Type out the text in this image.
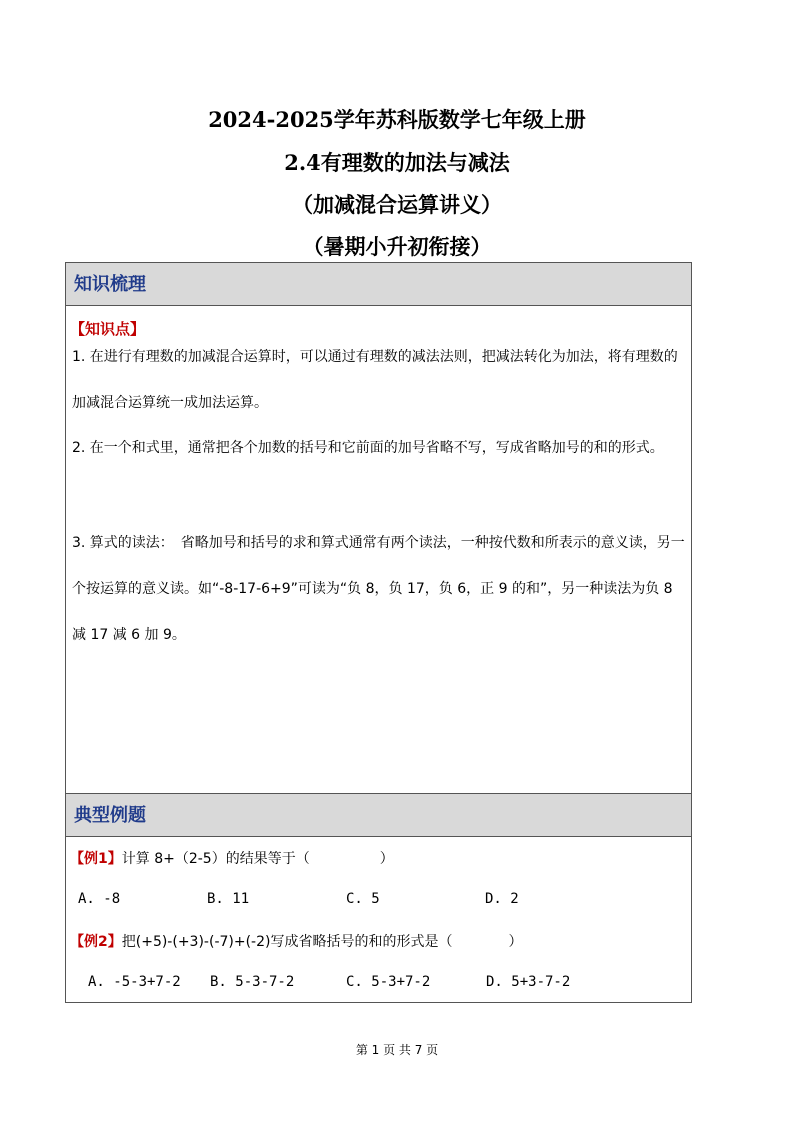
2024-2025学年苏科版数学七年级上册
2.4有理数的加法与减法
（加减混合运算讲义）
（暑期小升初衔接）
知识梳理
【知识点】

1. 在进行有理数的加减混合运算时，可以通过有理数的减法法则，把减法转化为加法，将有理数的加减混合运算统一成加法运算。

2. 在一个和式里，通常把各个加数的括号和它前面的加号省略不写，写成省略加号的和的形式。

3. 算式的读法：　省略加号和括号的求和算式通常有两个读法，一种按代数和所表示的意义读，另一个按运算的意义读。如“-8-17-6+9”可读为“负 8，负 17，负 6，正 9 的和”，另一种读法为负 8 减 17 减 6 加 9。

典型例题
【例1】计算 8+（2-5）的结果等于（　　　　　）
A. -8	B. 11	C. 5	D. 2
【例2】把(+5)-(+3)-(-7)+(-2)写成省略括号的和的形式是（　　　　）
A. -5-3+7-2 B. 5-3-7-2	C. 5-3+7-2	D. 5+3-7-2
第 1 页 共 7 页
